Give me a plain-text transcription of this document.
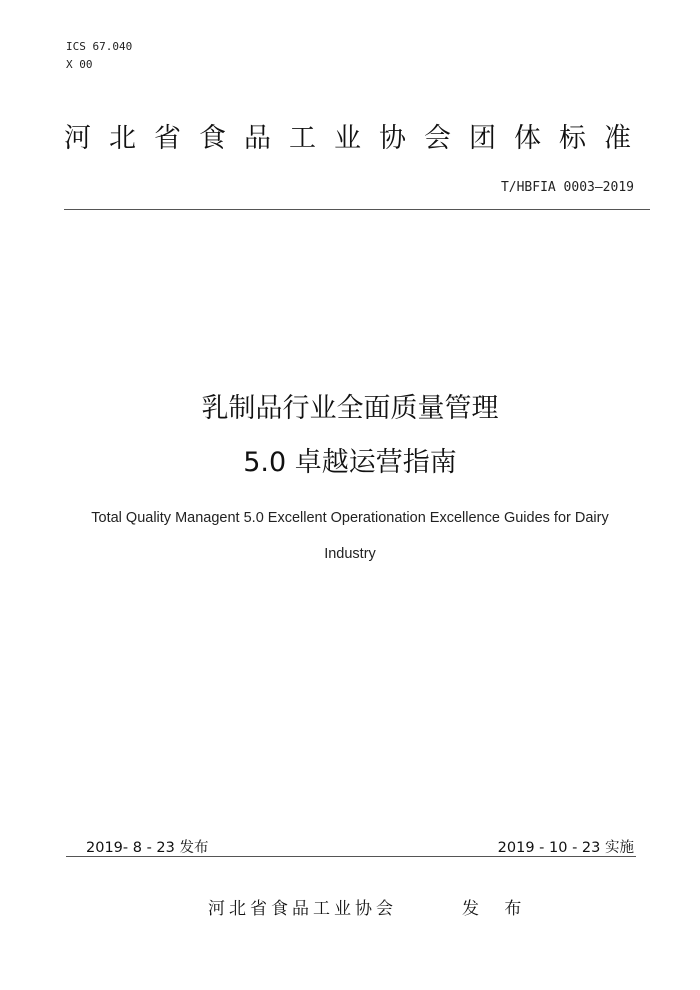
ICS 67.040
X 00
河北省食品工业协会团体标准
T/HBFIA 0003—2019
乳制品行业全面质量管理
5.0 卓越运营指南
Total Quality Managent 5.0 Excellent Operationation Excellence Guides for Dairy
Industry
2019- 8 - 23 发布	2019 - 10 - 23 实施
河北省食品工业协会	发 布
